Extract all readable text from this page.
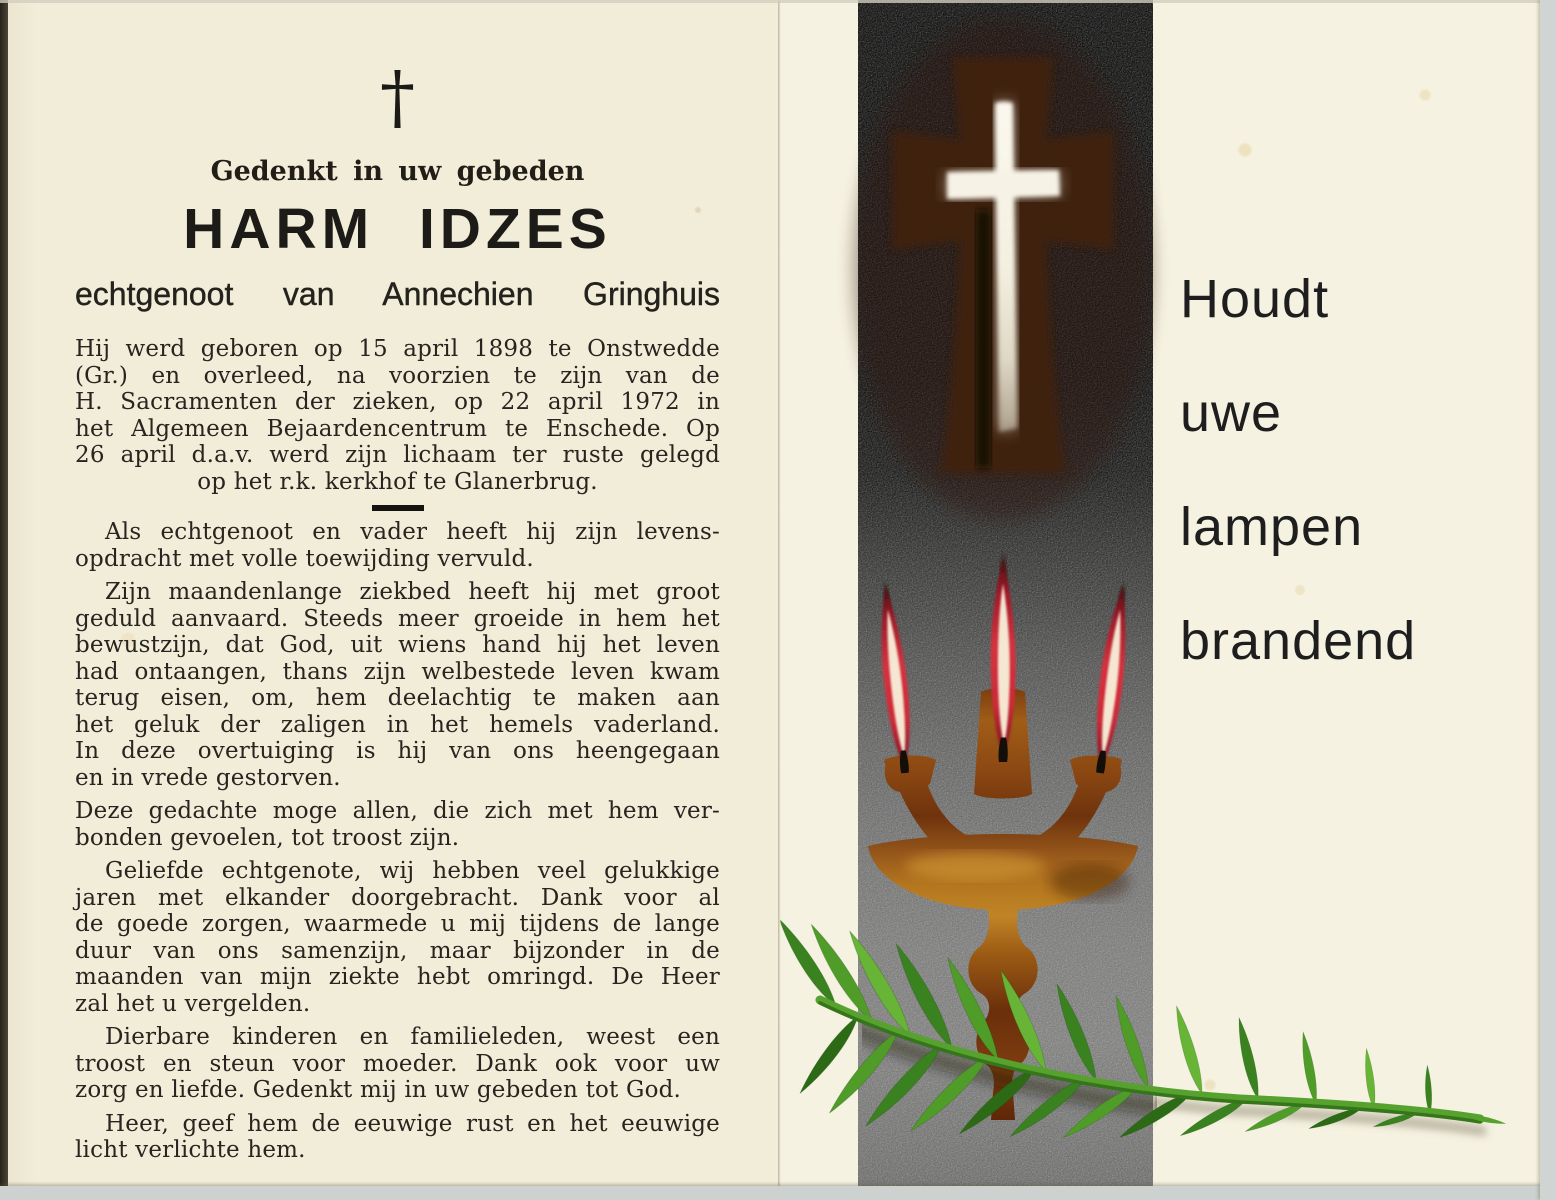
†
Gedenkt in uw gebeden
HARM IDZES
echtgenoot van Annechien Gringhuis

Hij werd geboren op 15 april 1898 te Onstwedde
(Gr.) en overleed, na voorzien te zijn van de
H. Sacramenten der zieken, op 22 april 1972 in
het Algemeen Bejaardencentrum te Enschede. Op
26 april d.a.v. werd zijn lichaam ter ruste gelegd
op het r.k. kerkhof te Glanerbrug.

Als echtgenoot en vader heeft hij zijn levens-
opdracht met volle toewijding vervuld.

Zijn maandenlange ziekbed heeft hij met groot
geduld aanvaard. Steeds meer groeide in hem het
bewustzijn, dat God, uit wiens hand hij het leven
had ontaangen, thans zijn welbestede leven kwam
terug eisen, om, hem deelachtig te maken aan
het geluk der zaligen in het hemels vaderland.
In deze overtuiging is hij van ons heengegaan
en in vrede gestorven.

Deze gedachte moge allen, die zich met hem ver-
bonden gevoelen, tot troost zijn.

Geliefde echtgenote, wij hebben veel gelukkige
jaren met elkander doorgebracht. Dank voor al
de goede zorgen, waarmede u mij tijdens de lange
duur van ons samenzijn, maar bijzonder in de
maanden van mijn ziekte hebt omringd. De Heer
zal het u vergelden.

Dierbare kinderen en familieleden, weest een
troost en steun voor moeder. Dank ook voor uw
zorg en liefde. Gedenkt mij in uw gebeden tot God.

Heer, geef hem de eeuwige rust en het eeuwige
licht verlichte hem.

Houdt
uwe
lampen
brandend
